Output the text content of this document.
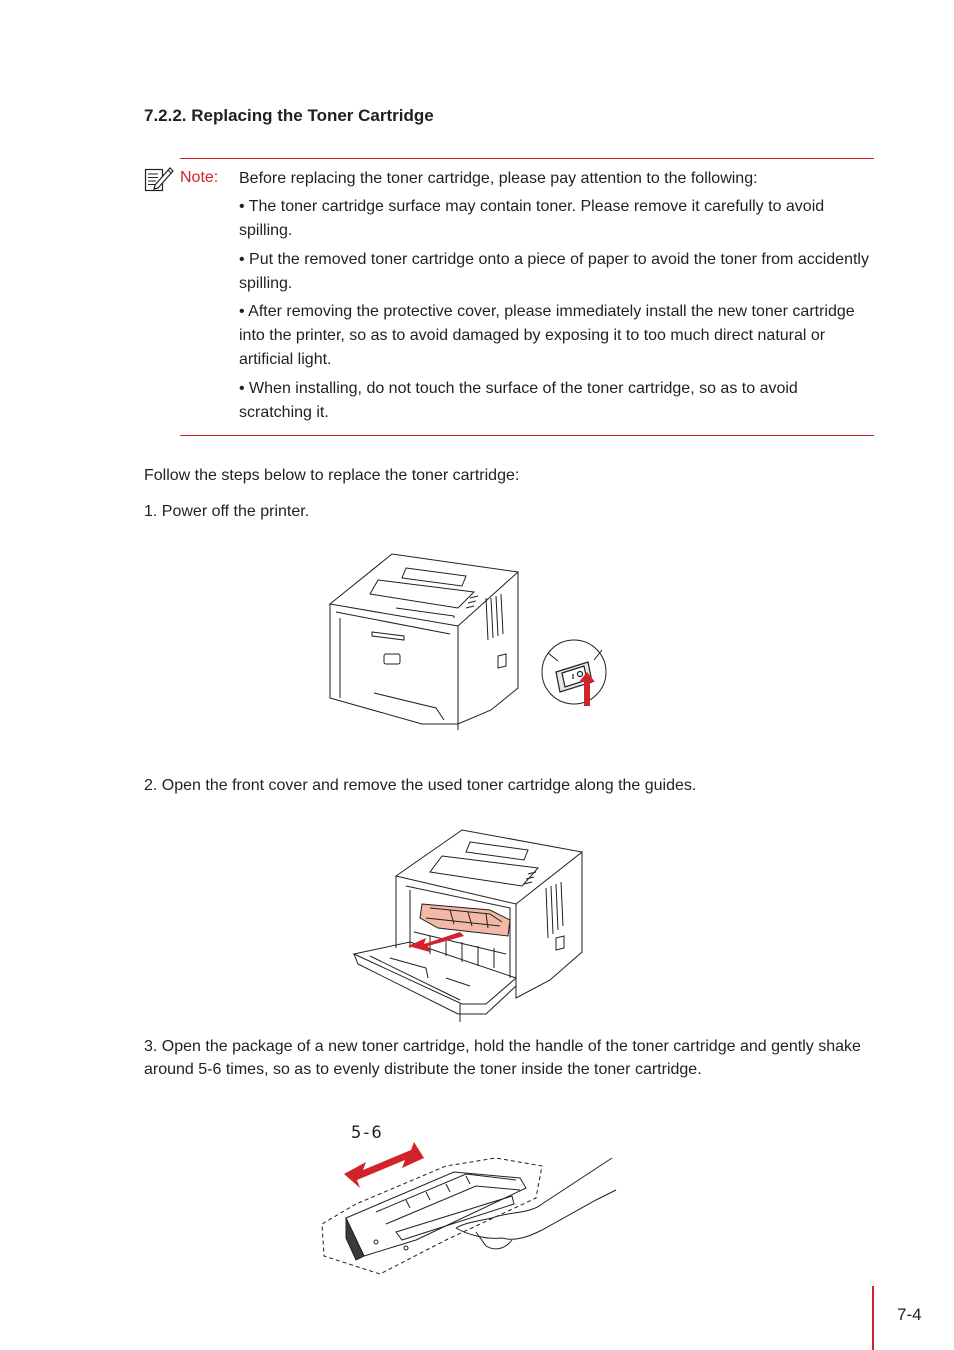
7.2.2. Replacing the Toner Cartridge
Note: Before replacing the toner cartridge, please pay attention to the following:
• The toner cartridge surface may contain toner. Please remove it carefully to avoid spilling.
• Put the removed toner cartridge onto a piece of paper to avoid the toner from accidently spilling.
• After removing the protective cover, please immediately install the new toner cartridge into the printer, so as to avoid damaged by exposing it to too much direct natural or artificial light.
• When installing, do not touch the surface of the toner cartridge, so as to avoid scratching it.
Follow the steps below to replace the toner cartridge:
1. Power off the printer.
2. Open the front cover and remove the used toner cartridge along the guides.
3. Open the package of a new toner cartridge, hold the handle of the toner cartridge and gently shake around 5-6 times, so as to evenly distribute the toner inside the toner cartridge.
5-6
7-4
